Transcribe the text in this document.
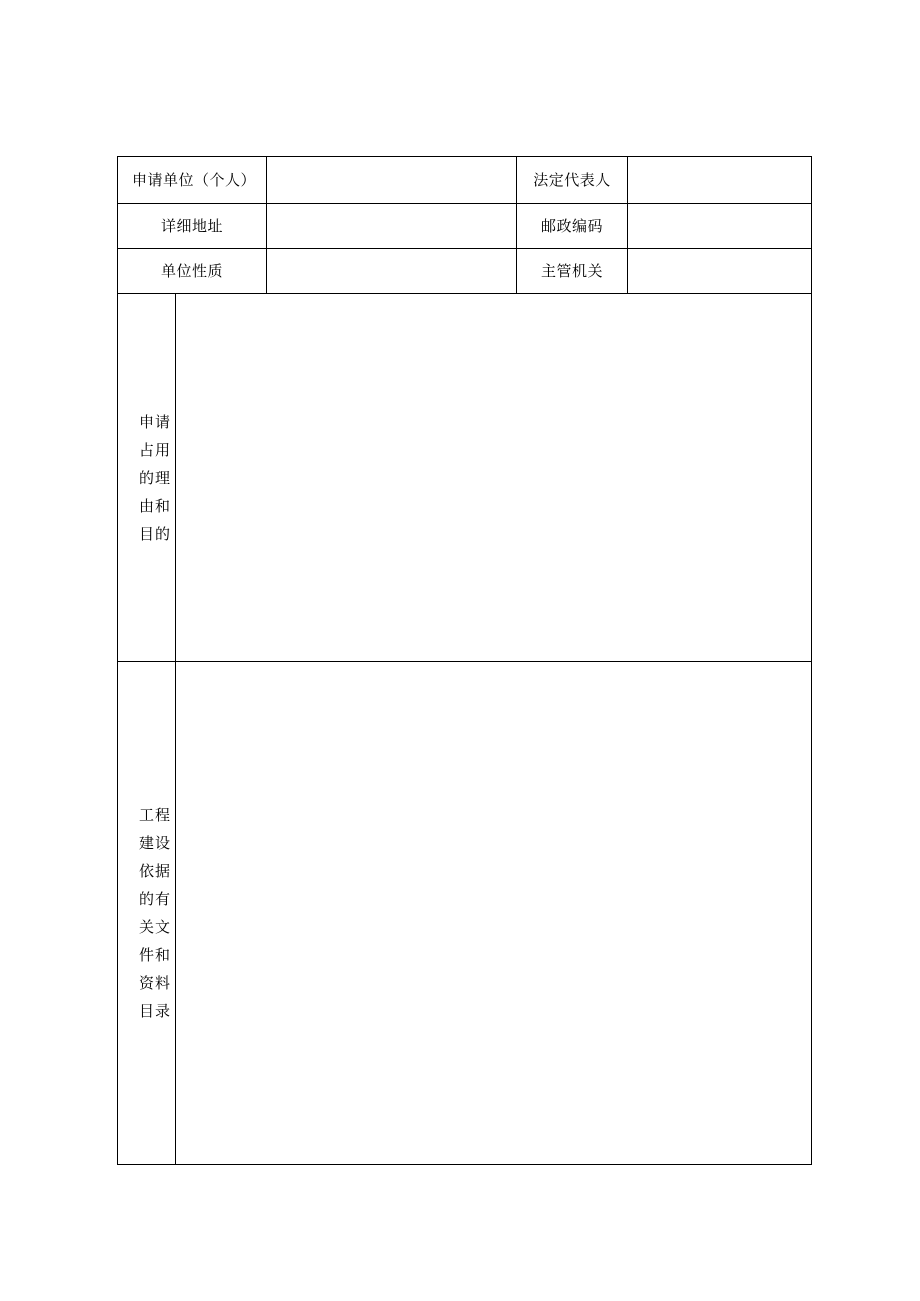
申请单位（个人）			法定代表人	
详细地址			邮政编码	
单位性质			主管机关	
申请占用的理由和目的				
工程建设依据的有关文件和资料目录				
